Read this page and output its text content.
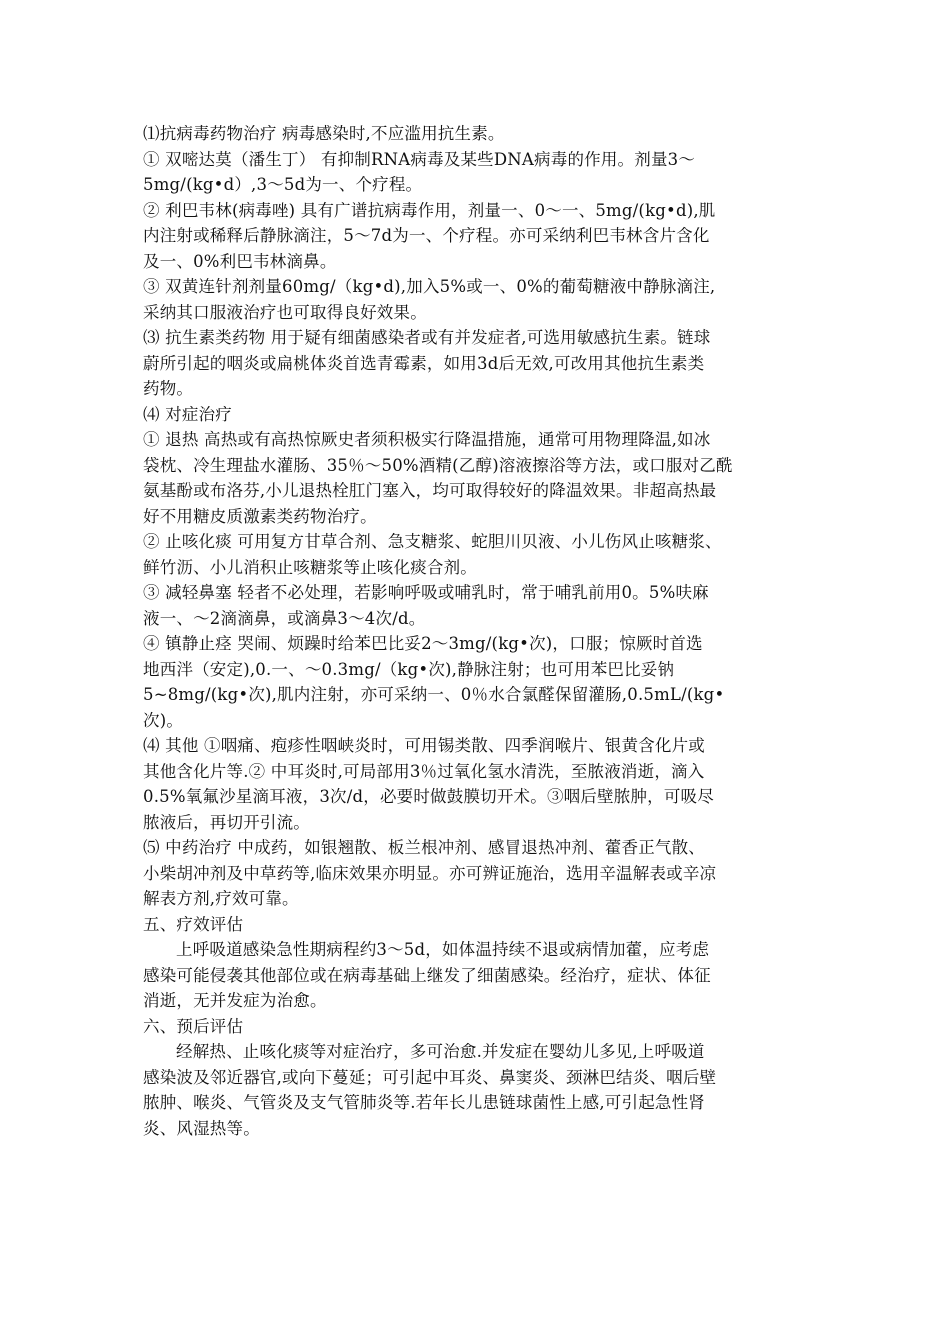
⑴抗病毒药物治疗 病毒感染时,不应滥用抗生素。
① 双嘧达莫（潘生丁） 有抑制RNA病毒及某些DNA病毒的作用。剂量3～
5mg/(kg•d）,3～5d为一、个疗程。
② 利巴韦林(病毒唑) 具有广谱抗病毒作用，剂量一、0～一、5mg/(kg•d),肌
内注射或稀释后静脉滴注，5～7d为一、个疗程。亦可采纳利巴韦林含片含化
及一、0%利巴韦林滴鼻。
③ 双黄连针剂剂量60mg/（kg•d),加入5%或一、0%的葡萄糖液中静脉滴注,
采纳其口服液治疗也可取得良好效果。
⑶ 抗生素类药物 用于疑有细菌感染者或有并发症者,可选用敏感抗生素。链球
蔚所引起的咽炎或扁桃体炎首选青霉素，如用3d后无效,可改用其他抗生素类
药物。
⑷ 对症治疗
① 退热 高热或有高热惊厥史者须积极实行降温措施，通常可用物理降温,如冰
袋枕、冷生理盐水灌肠、35％～50%酒精(乙醇)溶液擦浴等方法，或口服对乙酰
氨基酚或布洛芬,小儿退热栓肛门塞入，均可取得较好的降温效果。非超高热最
好不用糖皮质激素类药物治疗。
② 止咳化痰 可用复方甘草合剂、急支糖浆、蛇胆川贝液、小儿伤风止咳糖浆、
鲜竹沥、小儿消积止咳糖浆等止咳化痰合剂。
③ 减轻鼻塞 轻者不必处理，若影响呼吸或哺乳时，常于哺乳前用0。5%呋麻
液一、～2滴滴鼻，或滴鼻3～4次/d。
④ 镇静止痉 哭闹、烦躁时给苯巴比妥2～3mg/(kg•次)，口服；惊厥时首选
地西泮（安定),0.一、～0.3mg/（kg•次),静脉注射；也可用苯巴比妥钠
5~8mg/(kg•次),肌内注射，亦可采纳一、0％水合氯醛保留灌肠,0.5mL/(kg•
次)。
⑷ 其他 ①咽痛、疱疹性咽峡炎时，可用锡类散、四季润喉片、银黄含化片或
其他含化片等.② 中耳炎时,可局部用3％过氧化氢水清洗，至脓液消逝，滴入
0.5%氧氟沙星滴耳液，3次/d，必要时做鼓膜切开术。③咽后壁脓肿，可吸尽
脓液后，再切开引流。
⑸ 中药治疗 中成药，如银翘散、板兰根冲剂、感冒退热冲剂、藿香正气散、
小柴胡冲剂及中草药等,临床效果亦明显。亦可辨证施治，选用辛温解表或辛凉
解表方剂,疗效可靠。
五、疗效评估
上呼吸道感染急性期病程约3～5d，如体温持续不退或病情加藿，应考虑
感染可能侵袭其他部位或在病毒基础上继发了细菌感染。经治疗，症状、体征
消逝，无并发症为治愈。
六、预后评估
经解热、止咳化痰等对症治疗，多可治愈.并发症在婴幼儿多见,上呼吸道
感染波及邻近器官,或向下蔓延；可引起中耳炎、鼻窦炎、颈淋巴结炎、咽后壁
脓肿、喉炎、气管炎及支气管肺炎等.若年长儿患链球菌性上感,可引起急性肾
炎、风湿热等。
